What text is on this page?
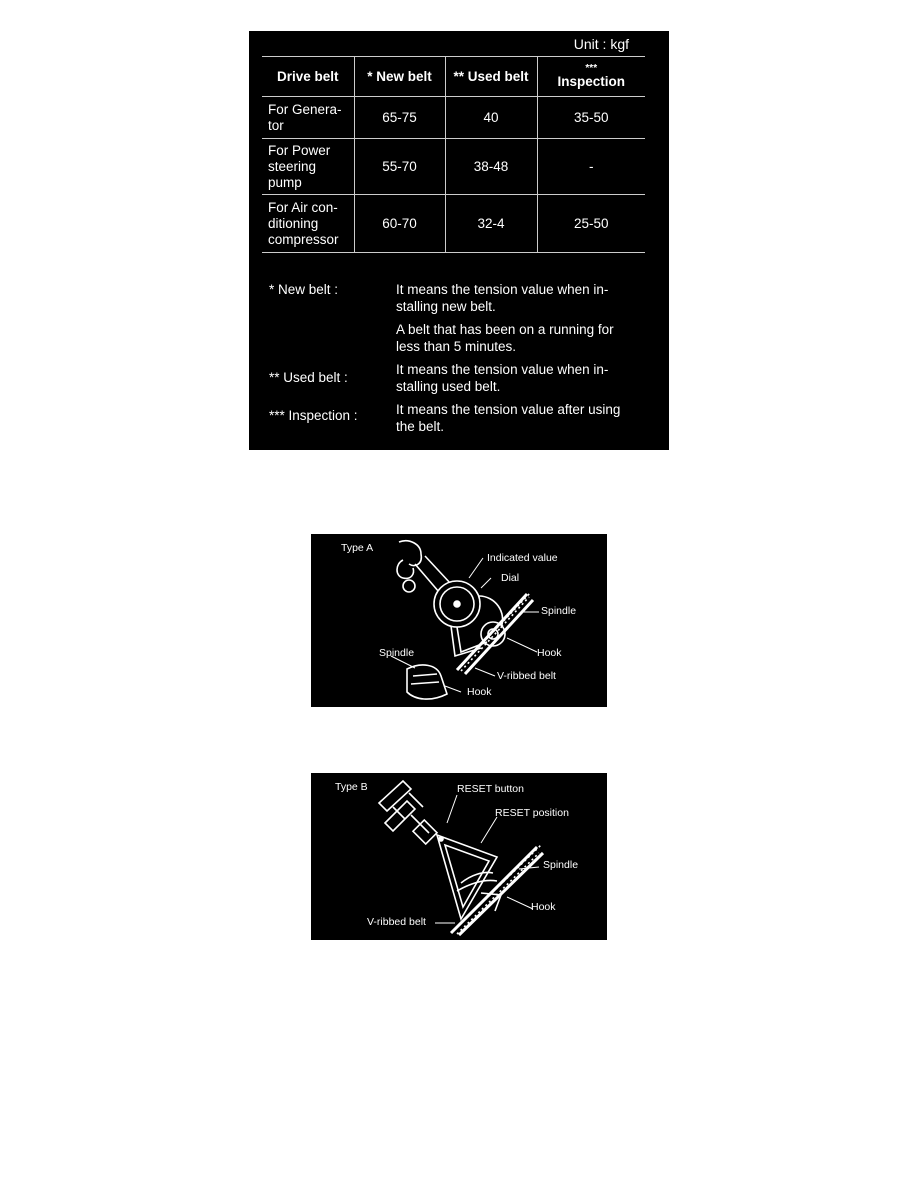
Unit : kgf
Drive belt	* New belt	** Used belt	***
Inspection
For Genera-
tor	65-75	40	35-50
For Power
steering
pump	55-70	38-48	-
For Air con-
ditioning
compressor	60-70	32-4	25-50
* New belt :	It means the tension value when in-
stalling new belt.
A belt that has been on a running for
less than 5 minutes.
** Used belt :
It means the tension value when in-
stalling used belt.
*** Inspection :	It means the tension value after using
the belt.
Type A
Indicated value
Dial
Spindle
Hook
Spindle
V-ribbed belt
Hook
Type B	RESET button
RESET position
Spindle
Hook
V-ribbed belt
